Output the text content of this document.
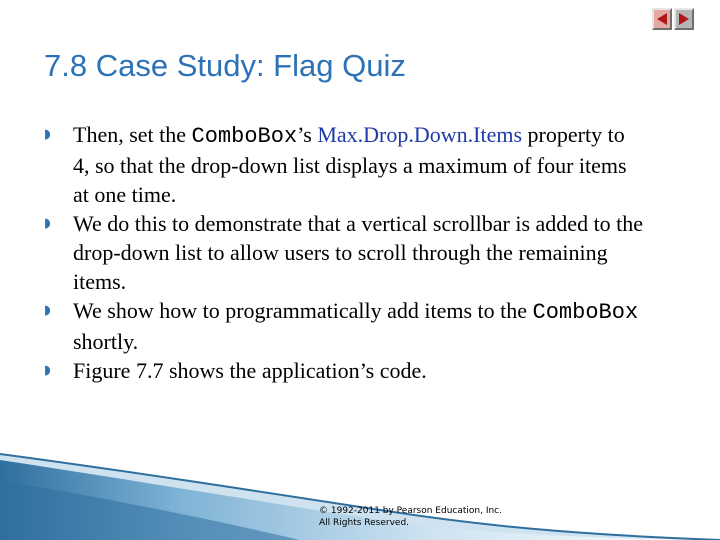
7.8 Case Study: Flag Quiz
◗ Then, set the ComboBox’s Max.Drop.Down.Items property to 4, so that the drop-down list displays a maximum of four items at one time.
◗ We do this to demonstrate that a vertical scrollbar is added to the drop-down list to allow users to scroll through the remaining items.
◗ We show how to programmatically add items to the ComboBox shortly.
◗ Figure 7.7 shows the application’s code.
© 1992-2011 by Pearson Education, Inc.
All Rights Reserved.
